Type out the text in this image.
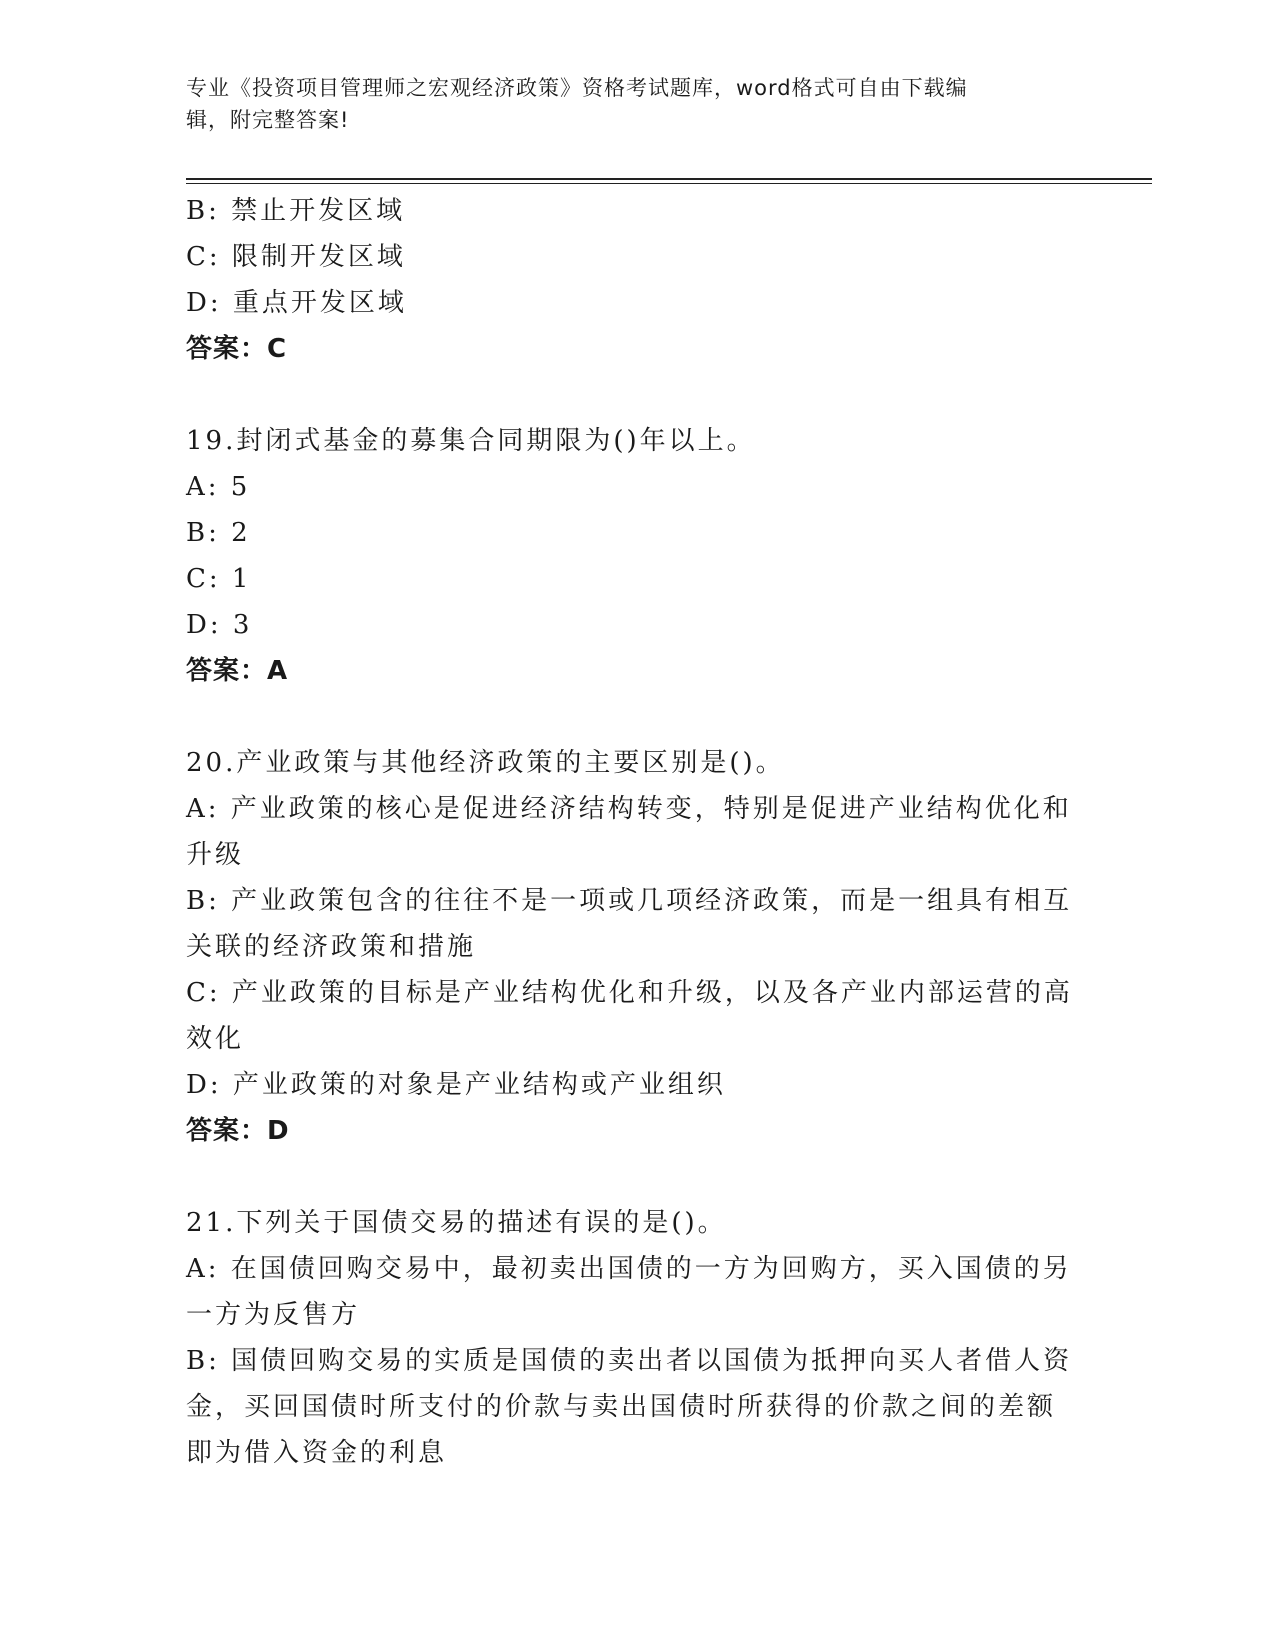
专业《投资项目管理师之宏观经济政策》资格考试题库，word格式可自由下载编
辑，附完整答案!
B: 禁止开发区域
C: 限制开发区域
D: 重点开发区域
答案：C
19.封闭式基金的募集合同期限为()年以上。
A: 5
B: 2
C: 1
D: 3
答案：A
20.产业政策与其他经济政策的主要区别是()。
A: 产业政策的核心是促进经济结构转变，特别是促进产业结构优化和
升级
B: 产业政策包含的往往不是一项或几项经济政策，而是一组具有相互
关联的经济政策和措施
C: 产业政策的目标是产业结构优化和升级，以及各产业内部运营的高
效化
D: 产业政策的对象是产业结构或产业组织
答案：D
21.下列关于国债交易的描述有误的是()。
A: 在国债回购交易中，最初卖出国债的一方为回购方，买入国债的另
一方为反售方
B: 国债回购交易的实质是国债的卖出者以国债为抵押向买人者借人资
金，买回国债时所支付的价款与卖出国债时所获得的价款之间的差额
即为借入资金的利息
